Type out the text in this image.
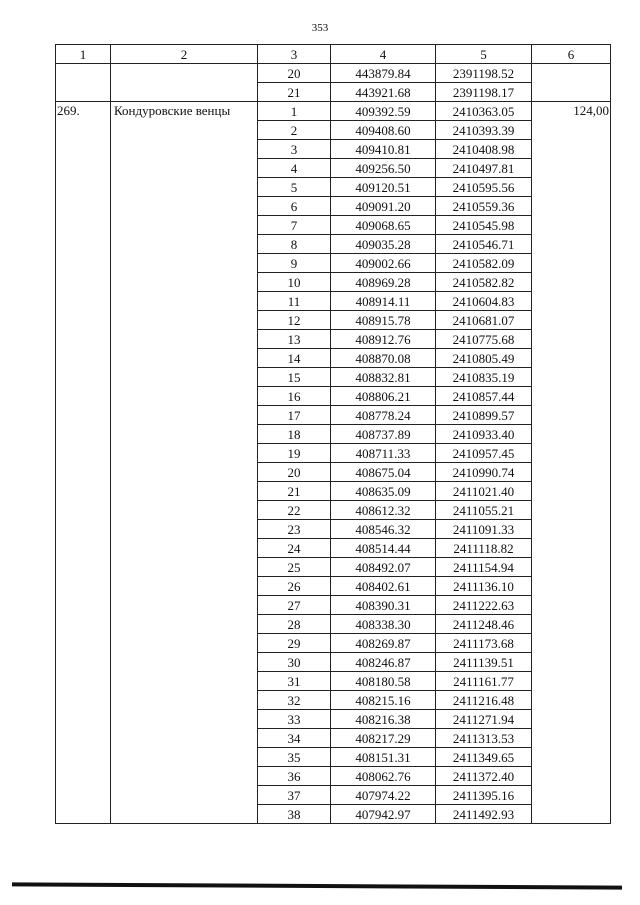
353
1	2	3	4	5	6
		20	443879.84	2391198.52	
		21	443921.68	2391198.17	
269.	Кондуровские венцы	1	409392.59	2410363.05	124,00
		2	409408.60	2410393.39	
		3	409410.81	2410408.98	
		4	409256.50	2410497.81	
		5	409120.51	2410595.56	
		6	409091.20	2410559.36	
		7	409068.65	2410545.98	
		8	409035.28	2410546.71	
		9	409002.66	2410582.09	
		10	408969.28	2410582.82	
		11	408914.11	2410604.83	
		12	408915.78	2410681.07	
		13	408912.76	2410775.68	
		14	408870.08	2410805.49	
		15	408832.81	2410835.19	
		16	408806.21	2410857.44	
		17	408778.24	2410899.57	
		18	408737.89	2410933.40	
		19	408711.33	2410957.45	
		20	408675.04	2410990.74	
		21	408635.09	2411021.40	
		22	408612.32	2411055.21	
		23	408546.32	2411091.33	
		24	408514.44	2411118.82	
		25	408492.07	2411154.94	
		26	408402.61	2411136.10	
		27	408390.31	2411222.63	
		28	408338.30	2411248.46	
		29	408269.87	2411173.68	
		30	408246.87	2411139.51	
		31	408180.58	2411161.77	
		32	408215.16	2411216.48	
		33	408216.38	2411271.94	
		34	408217.29	2411313.53	
		35	408151.31	2411349.65	
		36	408062.76	2411372.40	
		37	407974.22	2411395.16	
		38	407942.97	2411492.93	
